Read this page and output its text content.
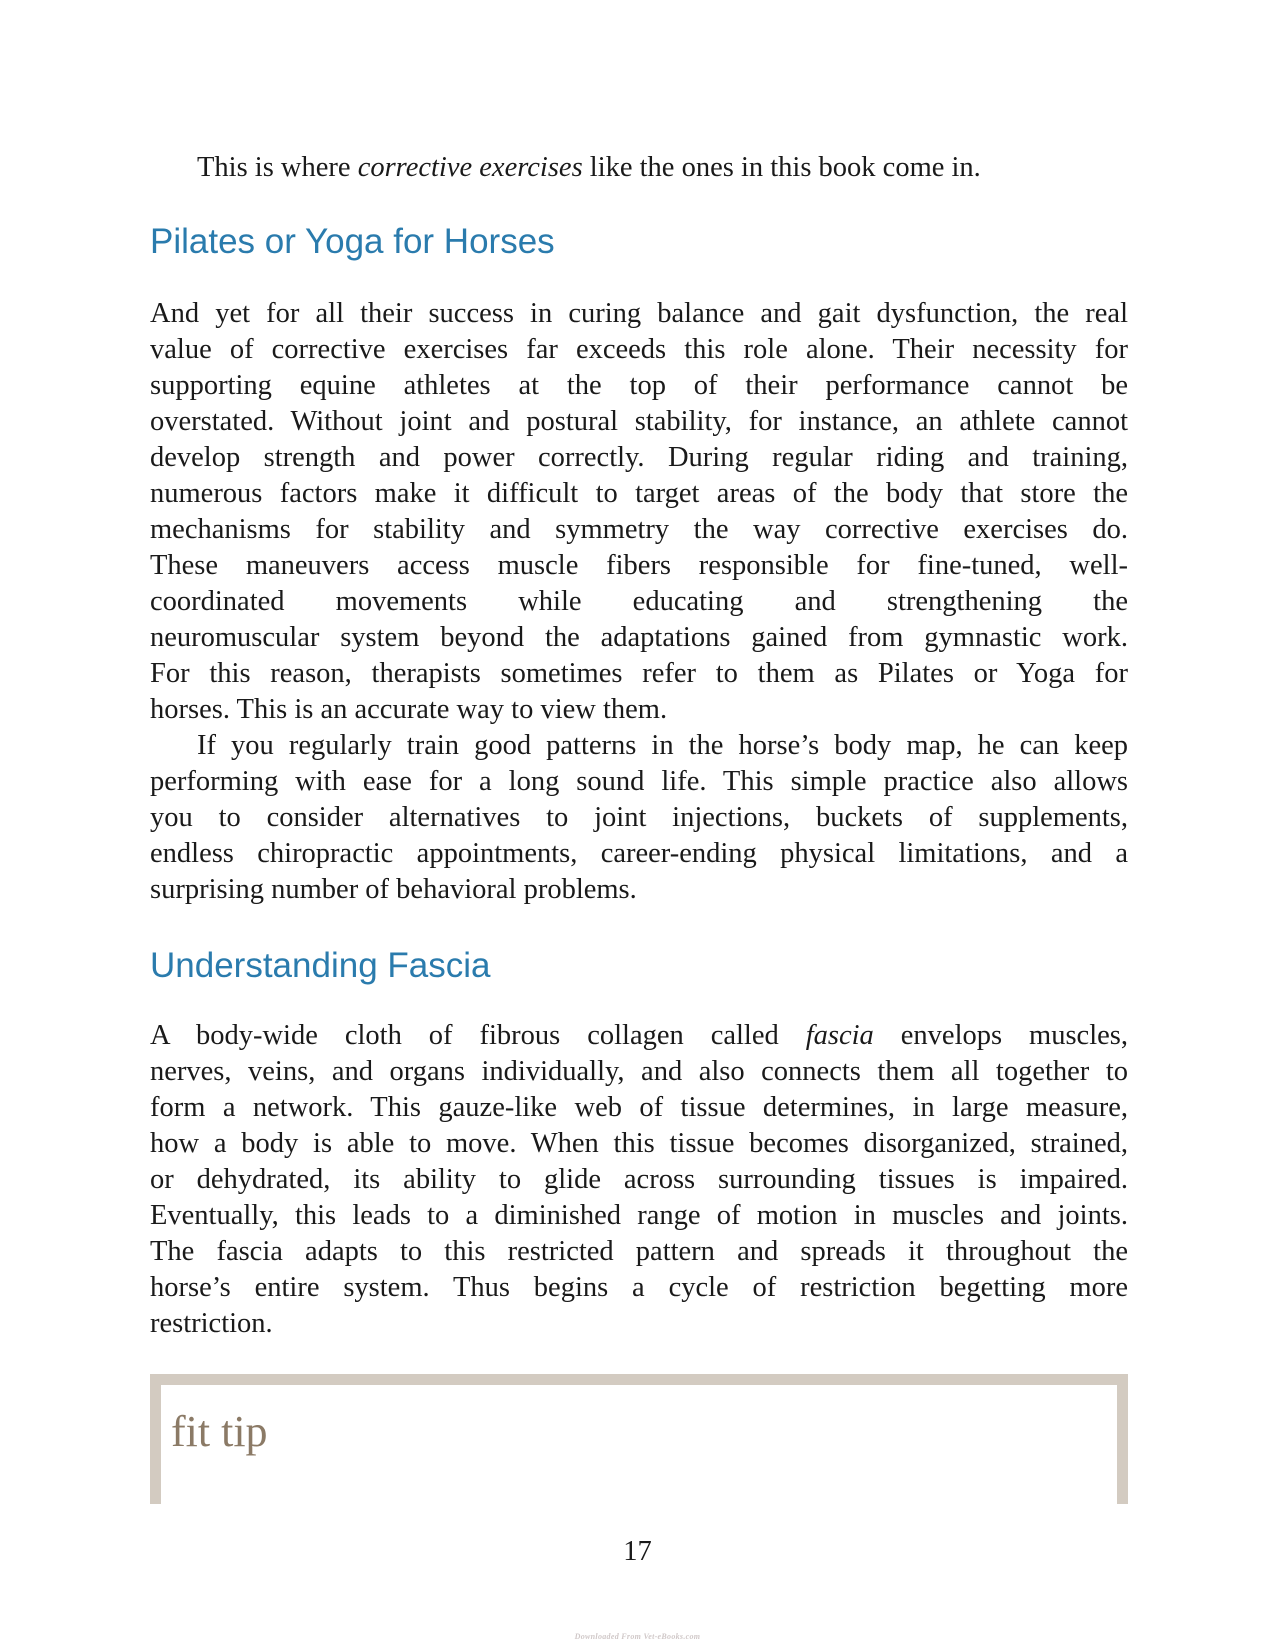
This is where corrective exercises like the ones in this book come in.
Pilates or Yoga for Horses

And yet for all their success in curing balance and gait dysfunction, the real
value of corrective exercises far exceeds this role alone. Their necessity for
supporting equine athletes at the top of their performance cannot be
overstated. Without joint and postural stability, for instance, an athlete cannot
develop strength and power correctly. During regular riding and training,
numerous factors make it difficult to target areas of the body that store the
mechanisms for stability and symmetry the way corrective exercises do.
These maneuvers access muscle fibers responsible for fine-tuned, well-
coordinated movements while educating and strengthening the
neuromuscular system beyond the adaptations gained from gymnastic work.
For this reason, therapists sometimes refer to them as Pilates or Yoga for
horses. This is an accurate way to view them.

If you regularly train good patterns in the horse’s body map, he can keep
performing with ease for a long sound life. This simple practice also allows
you to consider alternatives to joint injections, buckets of supplements,
endless chiropractic appointments, career-ending physical limitations, and a
surprising number of behavioral problems.

Understanding Fascia

A body-wide cloth of fibrous collagen called fascia envelops muscles,
nerves, veins, and organs individually, and also connects them all together to
form a network. This gauze-like web of tissue determines, in large measure,
how a body is able to move. When this tissue becomes disorganized, strained,
or dehydrated, its ability to glide across surrounding tissues is impaired.
Eventually, this leads to a diminished range of motion in muscles and joints.
The fascia adapts to this restricted pattern and spreads it throughout the
horse’s entire system. Thus begins a cycle of restriction begetting more
restriction.

fit tip
17
Downloaded From Vet-eBooks.com
